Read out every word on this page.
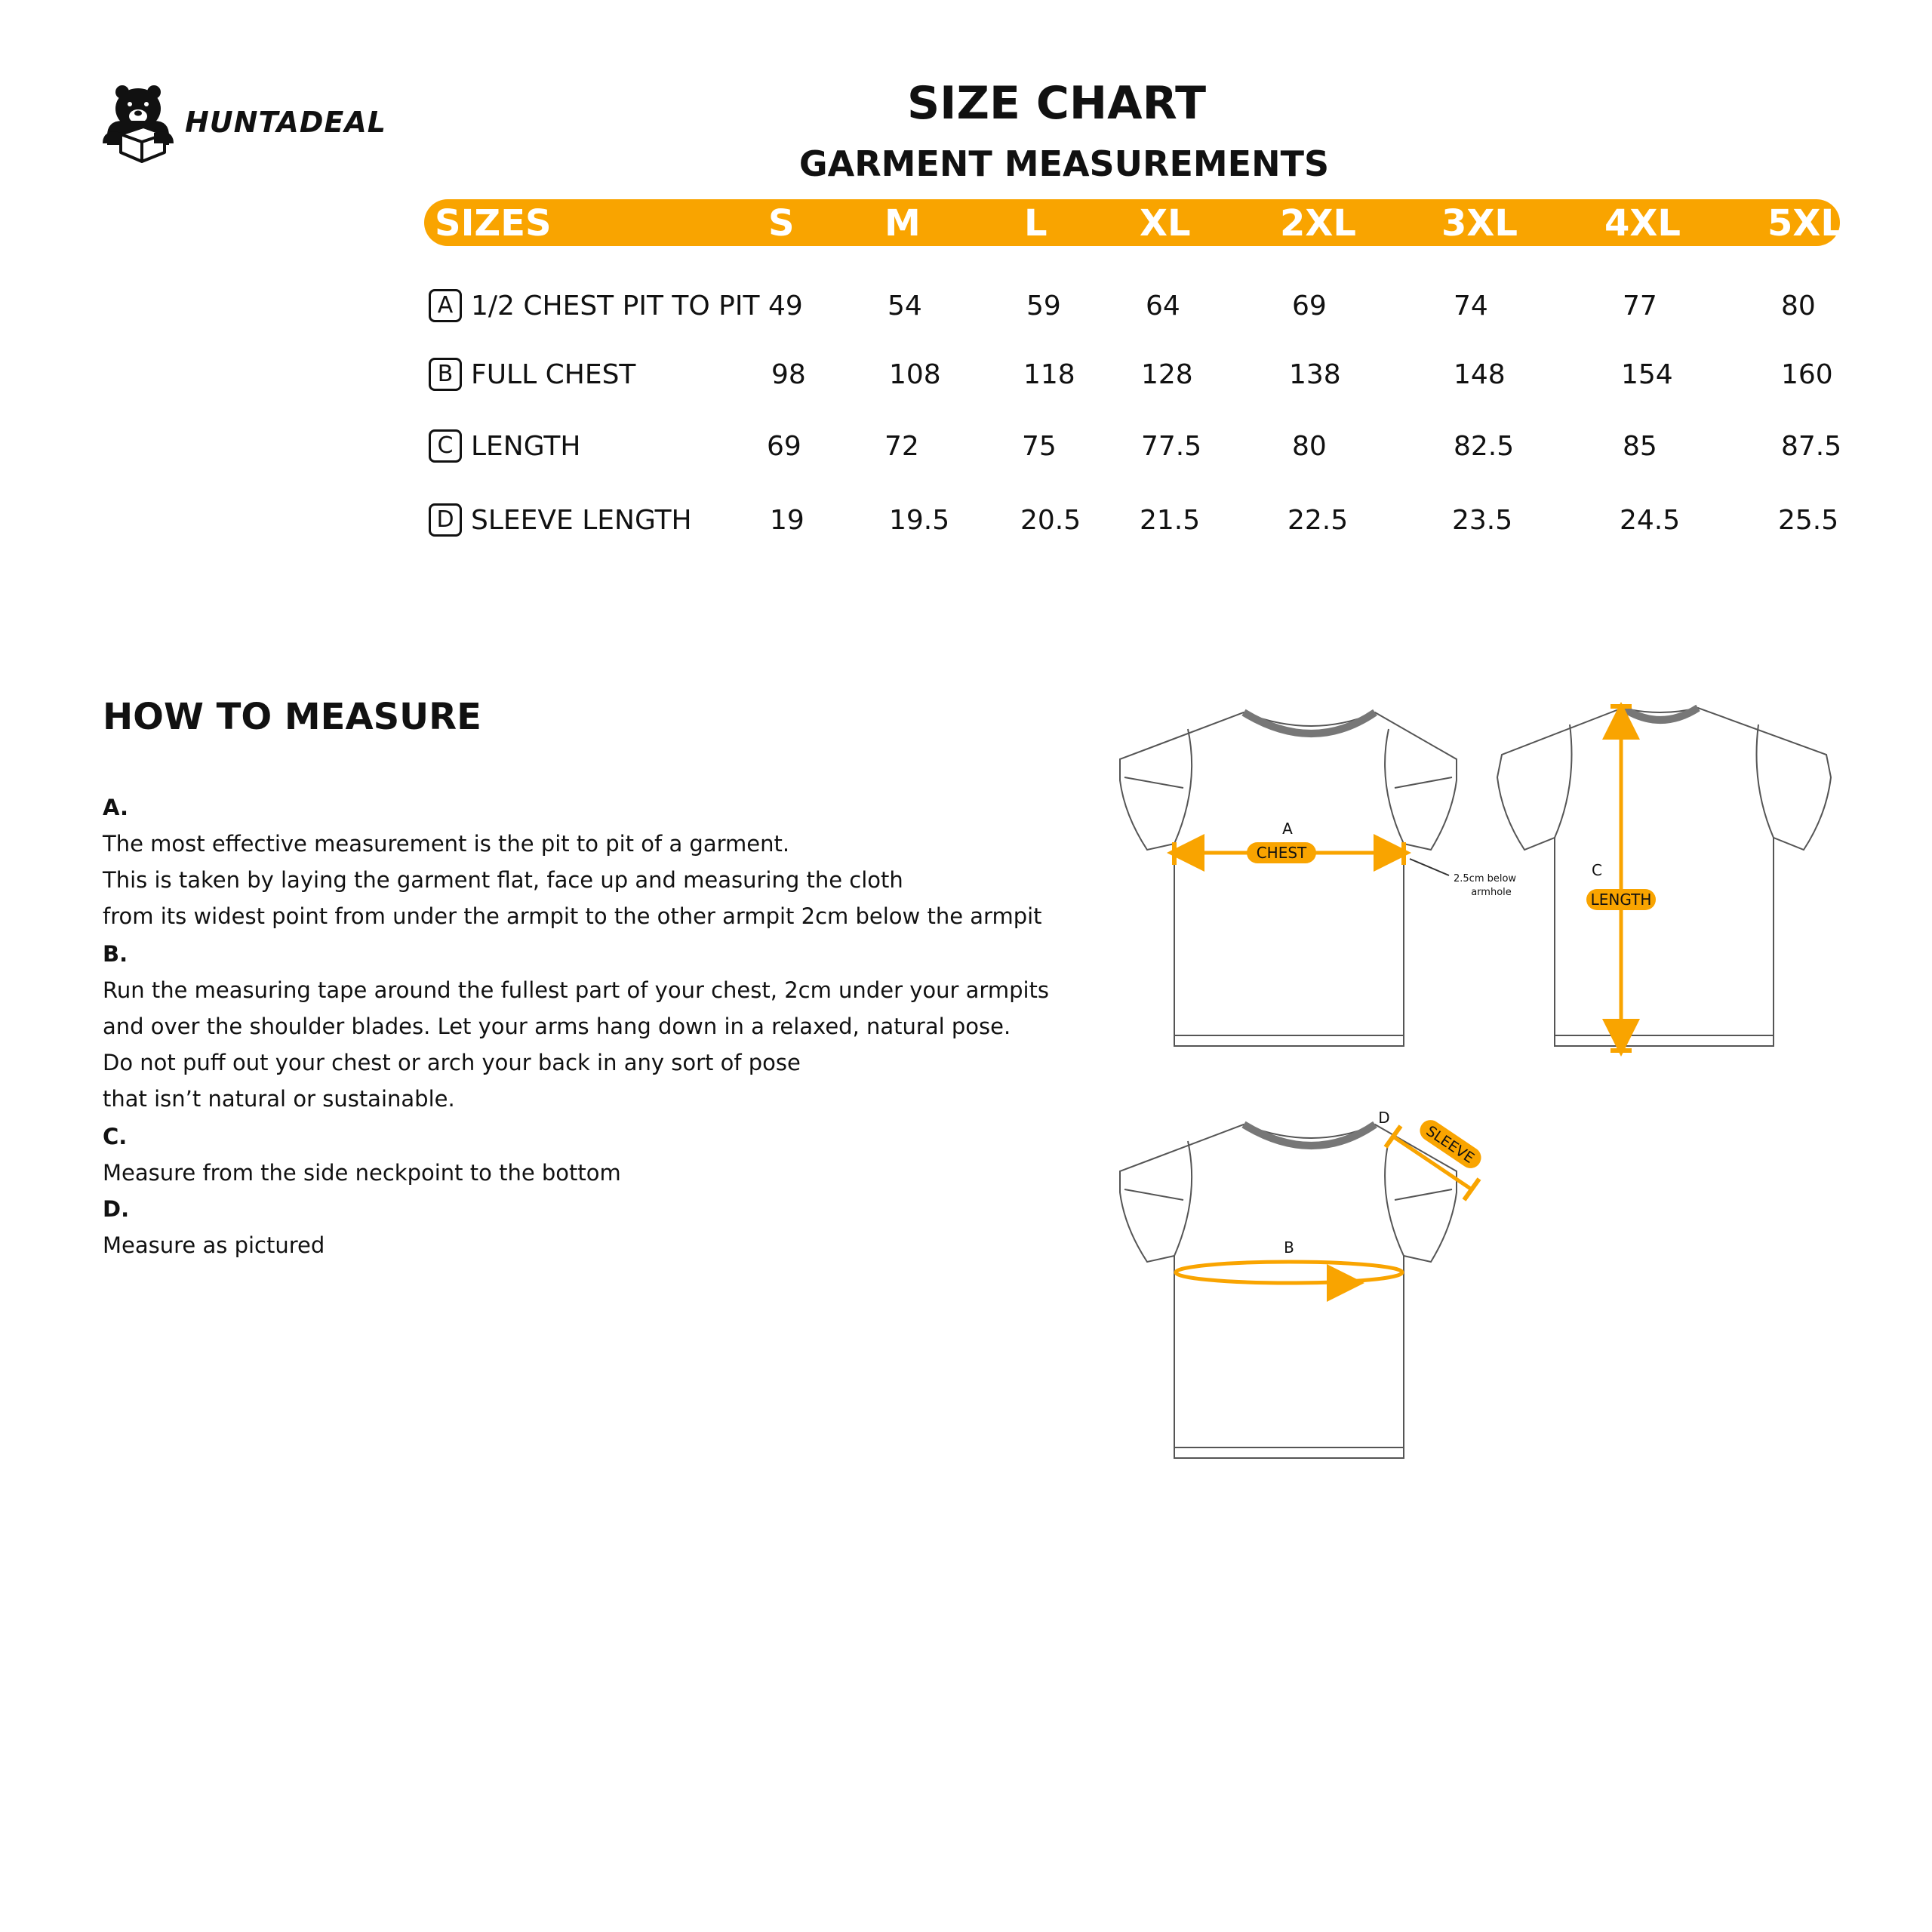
HUNTADEAL	SIZE CHART
GARMENT MEASUREMENTS
SIZES	S M	L	XL 2XL 3XL 4XL 5XL
A 1/2 CHEST PIT TO PIT 49	54	59	64	69	74	77	80
B FULL CHEST	98	108	118 128	138	148	154	160
C LENGTH	69	72	75	77.5	80	82.5	85	87.5
D SLEEVE LENGTH	19	19.5	20.5 21.5	22.5	23.5	24.5	25.5
HOW TO MEASURE
A.
The most effective measurement is the pit to pit of a garment.
This is taken by laying the garment flat, face up and measuring the cloth
from its widest point from under the armpit to the other armpit 2cm below the armpit
B.
Run the measuring tape around the fullest part of your chest, 2cm under your armpits
and over the shoulder blades. Let your arms hang down in a relaxed, natural pose.
Do not puff out your chest or arch your back in any sort of pose
that isn’t natural or sustainable.
C.
Measure from the side neckpoint to the bottom
D.
Measure as pictured
CHEST
A
2.5cm below
armhole	LENGTH
C
B
SLEEVE
D
